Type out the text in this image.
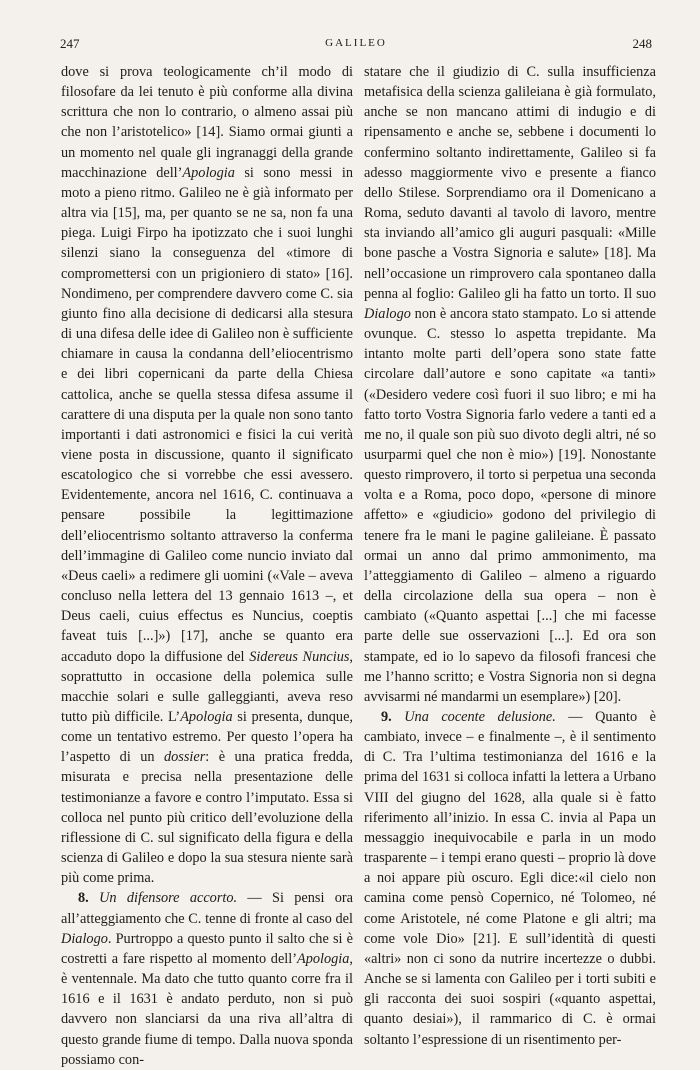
247	GALILEO	248

dove si prova teologicamente ch’il modo di filosofare da lei tenuto è più conforme alla divina scrittura che non lo contrario, o almeno assai più che non l’aristotelico» [14]. Siamo ormai giunti a un momento nel quale gli ingranaggi della grande macchinazione dell’Apologia si sono messi in moto a pieno ritmo. Galileo ne è già informato per altra via [15], ma, per quanto se ne sa, non fa una piega. Luigi Firpo ha ipotizzato che i suoi lunghi silenzi siano la conseguenza del «timore di compromettersi con un prigioniero di stato» [16]. Nondimeno, per comprendere davvero come C. sia giunto fino alla decisione di dedicarsi alla stesura di una difesa delle idee di Galileo non è sufficiente chiamare in causa la condanna dell’eliocentrismo e dei libri copernicani da parte della Chiesa cattolica, anche se quella stessa difesa assume il carattere di una disputa per la quale non sono tanto importanti i dati astronomici e fisici la cui verità viene posta in discussione, quanto il significato escatologico che si vorrebbe che essi avessero. Evidentemente, ancora nel 1616, C. continuava a pensare possibile la legittimazione dell’eliocentrismo soltanto attraverso la conferma dell’immagine di Galileo come nuncio inviato dal «Deus caeli» a redimere gli uomini («Vale – aveva concluso nella lettera del 13 gennaio 1613 –, et Deus caeli, cuius effectus es Nuncius, coeptis faveat tuis [...]») [17], anche se quanto era accaduto dopo la diffusione del Sidereus Nuncius, soprattutto in occasione della polemica sulle macchie solari e sulle galleggianti, aveva reso tutto più difficile. L’Apologia si presenta, dunque, come un tentativo estremo. Per questo l’opera ha l’aspetto di un dossier: è una pratica fredda, misurata e precisa nella presentazione delle testimonianze a favore e contro l’imputato. Essa si colloca nel punto più critico dell’evoluzione della riflessione di C. sul significato della figura e della scienza di Galileo e dopo la sua stesura niente sarà più come prima.

8. Un difensore accorto. — Si pensi ora all’atteggiamento che C. tenne di fronte al caso del Dialogo. Purtroppo a questo punto il salto che si è costretti a fare rispetto al momento dell’Apologia, è ventennale. Ma dato che tutto quanto corre fra il 1616 e il 1631 è andato perduto, non si può davvero non slanciarsi da una riva all’altra di questo grande fiume di tempo. Dalla nuova sponda possiamo con-

statare che il giudizio di C. sulla insufficienza metafisica della scienza galileiana è già formulato, anche se non mancano attimi di indugio e di ripensamento e anche se, sebbene i documenti lo confermino soltanto indirettamente, Galileo si fa adesso maggiormente vivo e presente a fianco dello Stilese. Sorprendiamo ora il Domenicano a Roma, seduto davanti al tavolo di lavoro, mentre sta inviando all’amico gli auguri pasquali: «Mille bone pasche a Vostra Signoria e salute» [18]. Ma nell’occasione un rimprovero cala spontaneo dalla penna al foglio: Galileo gli ha fatto un torto. Il suo Dialogo non è ancora stato stampato. Lo si attende ovunque. C. stesso lo aspetta trepidante. Ma intanto molte parti dell’opera sono state fatte circolare dall’autore e sono capitate «a tanti» («Desidero vedere così fuori il suo libro; e mi ha fatto torto Vostra Signoria farlo vedere a tanti ed a me no, il quale son più suo divoto degli altri, né so usurparmi quel che non è mio») [19]. Nonostante questo rimprovero, il torto si perpetua una seconda volta e a Roma, poco dopo, «persone di minore affetto» e «giudicio» godono del privilegio di tenere fra le mani le pagine galileiane. È passato ormai un anno dal primo ammonimento, ma l’atteggiamento di Galileo – almeno a riguardo della circolazione della sua opera – non è cambiato («Quanto aspettai [...] che mi facesse parte delle sue osservazioni [...]. Ed ora son stampate, ed io lo sapevo da filosofi francesi che me l’hanno scritto; e Vostra Signoria non si degna avvisarmi né mandarmi un esemplare») [20].

9. Una cocente delusione. — Quanto è cambiato, invece – e finalmente –, è il sentimento di C. Tra l’ultima testimonianza del 1616 e la prima del 1631 si colloca infatti la lettera a Urbano VIII del giugno del 1628, alla quale si è fatto riferimento all’inizio. In essa C. invia al Papa un messaggio inequivocabile e parla in un modo trasparente – i tempi erano questi – proprio là dove a noi appare più oscuro. Egli dice:«il cielo non camina come pensò Copernico, né Tolomeo, né come Aristotele, né come Platone e gli altri; ma come vole Dio» [21]. E sull’identità di questi «altri» non ci sono da nutrire incertezze o dubbi. Anche se si lamenta con Galileo per i torti subiti e gli racconta dei suoi sospiri («quanto aspettai, quanto desiai»), il rammarico di C. è ormai soltanto l’espressione di un risentimento per-
